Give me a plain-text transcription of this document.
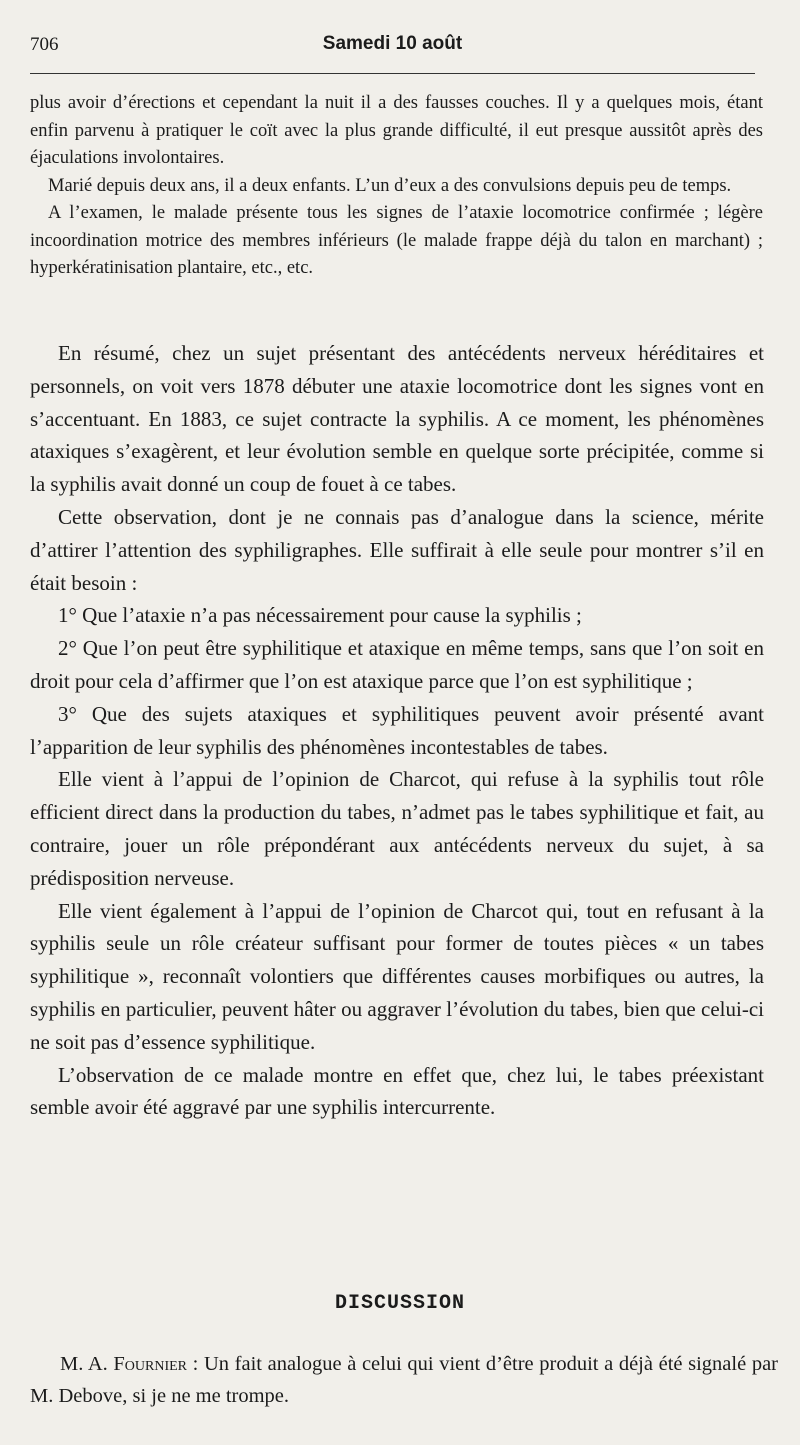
706	Samedi 10 août

plus avoir d’érections et cependant la nuit il a des fausses couches. Il y a quelques mois, étant enfin parvenu à pratiquer le coït avec la plus grande difficulté, il eut presque aussitôt après des éjaculations involontaires.

Marié depuis deux ans, il a deux enfants. L’un d’eux a des convulsions depuis peu de temps.

A l’examen, le malade présente tous les signes de l’ataxie locomotrice confirmée ; légère incoordination motrice des membres inférieurs (le malade frappe déjà du talon en marchant) ; hyperkératinisation plantaire, etc., etc.

En résumé, chez un sujet présentant des antécédents nerveux héréditaires et personnels, on voit vers 1878 débuter une ataxie locomotrice dont les signes vont en s’accentuant. En 1883, ce sujet contracte la syphilis. A ce moment, les phénomènes ataxiques s’exagèrent, et leur évolution semble en quelque sorte précipitée, comme si la syphilis avait donné un coup de fouet à ce tabes.

Cette observation, dont je ne connais pas d’analogue dans la science, mérite d’attirer l’attention des syphiligraphes. Elle suffirait à elle seule pour montrer s’il en était besoin :

1° Que l’ataxie n’a pas nécessairement pour cause la syphilis ;

2° Que l’on peut être syphilitique et ataxique en même temps, sans que l’on soit en droit pour cela d’affirmer que l’on est ataxique parce que l’on est syphilitique ;

3° Que des sujets ataxiques et syphilitiques peuvent avoir présenté avant l’apparition de leur syphilis des phénomènes incontestables de tabes.

Elle vient à l’appui de l’opinion de Charcot, qui refuse à la syphilis tout rôle efficient direct dans la production du tabes, n’admet pas le tabes syphilitique et fait, au contraire, jouer un rôle prépondérant aux antécédents nerveux du sujet, à sa prédisposition nerveuse.

Elle vient également à l’appui de l’opinion de Charcot qui, tout en refusant à la syphilis seule un rôle créateur suffisant pour former de toutes pièces « un tabes syphilitique », reconnaît volontiers que différentes causes morbifiques ou autres, la syphilis en particulier, peuvent hâter ou aggraver l’évolution du tabes, bien que celui-ci ne soit pas d’essence syphilitique.

L’observation de ce malade montre en effet que, chez lui, le tabes préexistant semble avoir été aggravé par une syphilis intercurrente.

DISCUSSION

M. A. Fournier : Un fait analogue à celui qui vient d’être produit a déjà été signalé par M. Debove, si je ne me trompe.
